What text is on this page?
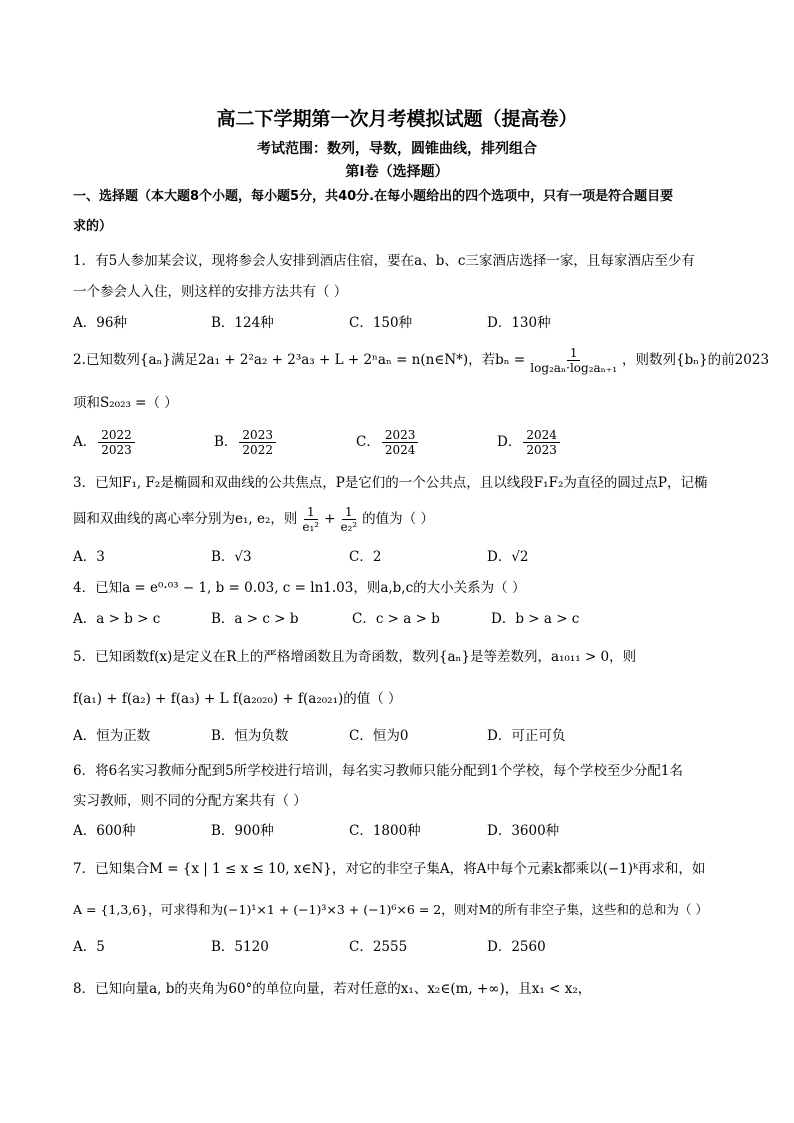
高二下学期第一次月考模拟试题（提高卷）
考试范围：数列，导数，圆锥曲线，排列组合
第I卷（选择题）
一、选择题（本大题8个小题，每小题5分，共40分.在每小题给出的四个选项中，只有一项是符合题目要
求的）
1．有5人参加某会议，现将参会人安排到酒店住宿，要在a、b、c三家酒店选择一家，且每家酒店至少有
一个参会人入住，则这样的安排方法共有（ ）
A．96种	B．124种	C．150种	D．130种
2.已知数列{aₙ}满足2a₁ + 2²a₂ + 2³a₃ + L + 2ⁿaₙ = n(n∈N*)，若$b_n = \frac{1}{\text{log₂aₙ·log₂aₙ₊₁}}$ ，则数列{bₙ}的前2023
项和S₂₀₂₃ =（ ）
A． $\frac{2022}{2023}$	B． $\frac{2023}{2022}$	C． $\frac{2023}{2024}$	D． $\frac{2024}{2023}$
3．已知F₁, F₂是椭圆和双曲线的公共焦点，P是它们的一个公共点，且以线段F₁F₂为直径的圆过点P，记椭
圆和双曲线的离心率分别为e₁, e₂，则 $\frac{1}{\text{e₁²}} + \frac{1}{\text{e₂²}}$ 的值为（ ）
A．3	B．√3	C．2	D．√2
4．已知a = e⁰·⁰³ − 1, b = 0.03, c = ln1.03，则a,b,c的大小关系为（ ）
A．a > b > c	B．a > c > b	C．c > a > b	D．b > a > c
5．已知函数f(x)是定义在R上的严格增函数且为奇函数，数列{aₙ}是等差数列，a₁₀₁₁ > 0，则
f(a₁) + f(a₂) + f(a₃) + L f(a₂₀₂₀) + f(a₂₀₂₁)的值（ ）
A．恒为正数	B．恒为负数	C．恒为0	D．可正可负
6．将6名实习教师分配到5所学校进行培训，每名实习教师只能分配到1个学校，每个学校至少分配1名
实习教师，则不同的分配方案共有（ ）
A．600种	B．900种	C．1800种	D．3600种
7．已知集合M = {x | 1 ≤ x ≤ 10, x∈N}，对它的非空子集A，将A中每个元素k都乘以(−1)ᵏ再求和，如
A = {1,3,6}，可求得和为(−1)¹×1 + (−1)³×3 + (−1)⁶×6 = 2，则对M的所有非空子集，这些和的总和为（ ）
A．5	B．5120	C．2555	D．2560
8．已知向量a, b的夹角为60°的单位向量，若对任意的x₁、x₂∈(m, +∞)，且x₁ < x₂，
